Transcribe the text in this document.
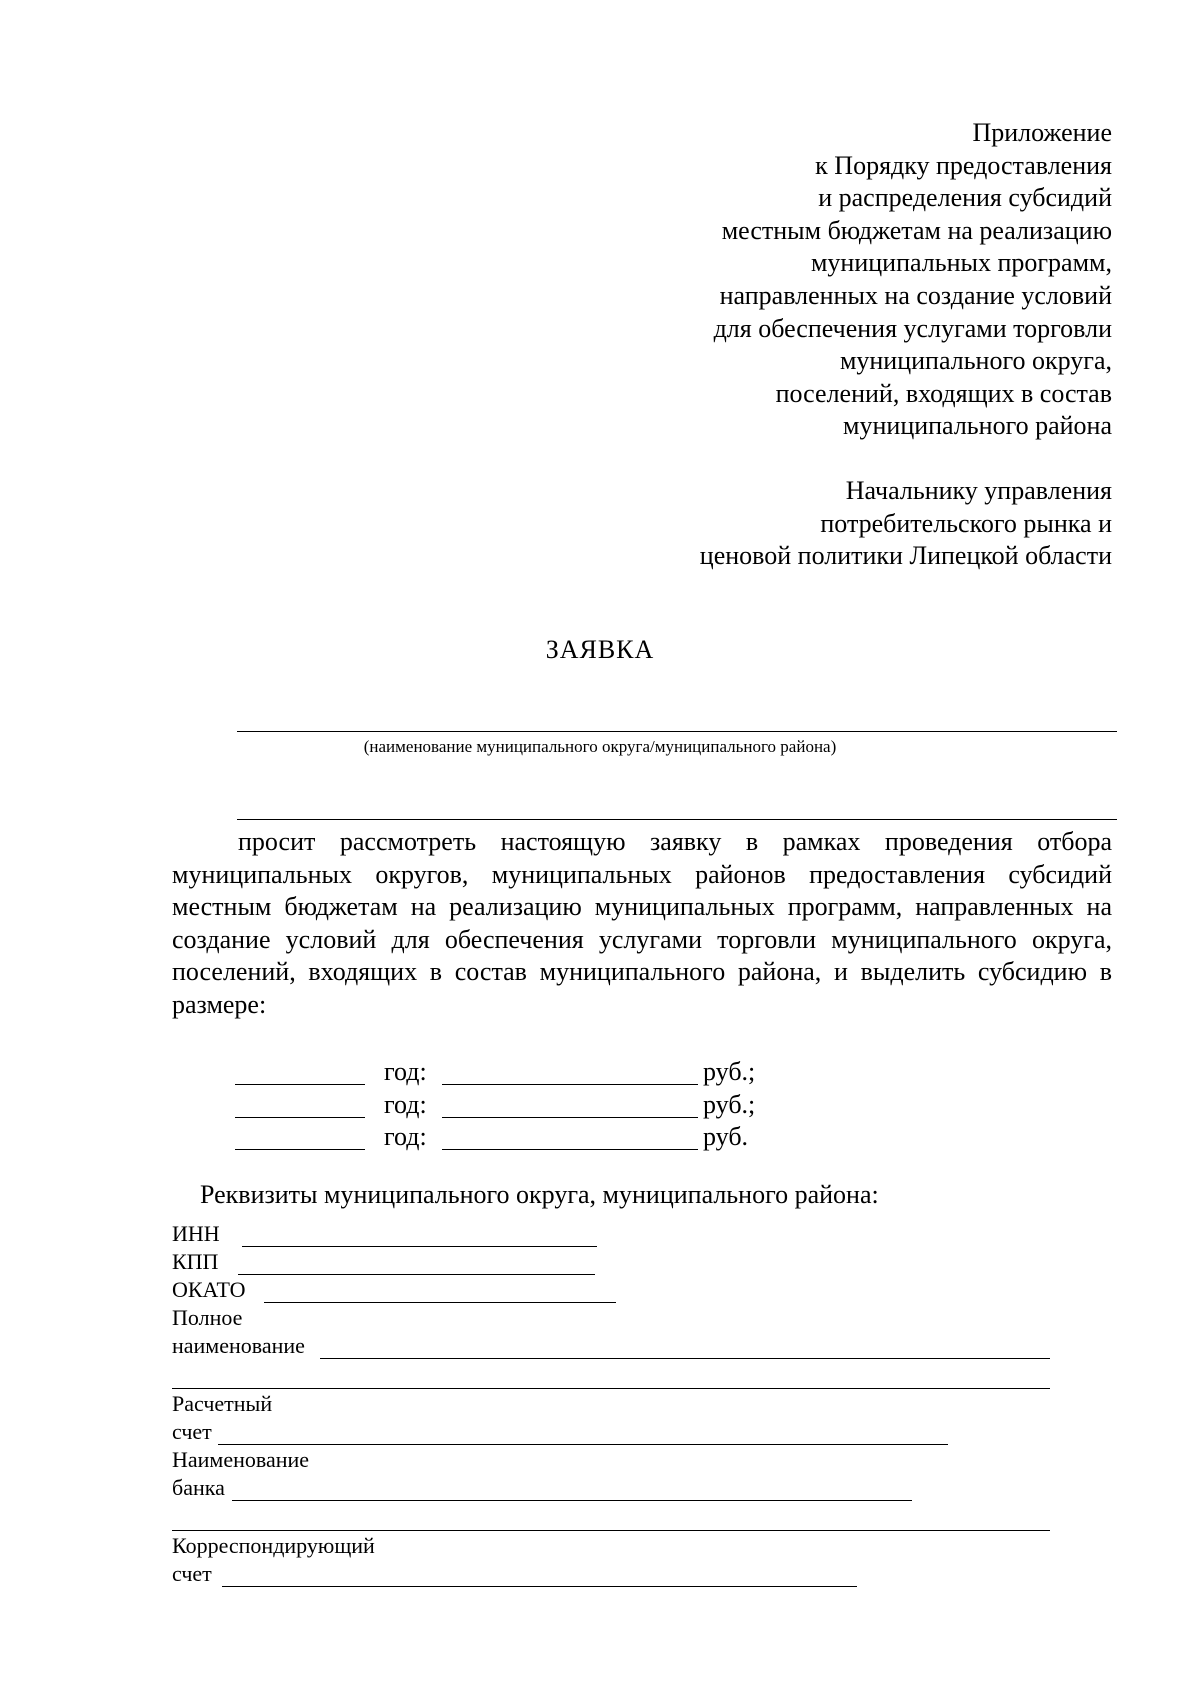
Приложение
к Порядку предоставления
и распределения субсидий
местным бюджетам на реализацию
муниципальных программ,
направленных на создание условий
для обеспечения услугами торговли
муниципального округа,
поселений, входящих в состав
муниципального района
Начальнику управления
потребительского рынка и
ценовой политики Липецкой области
ЗАЯВКА
(наименование муниципального округа/муниципального района)
просит рассмотреть настоящую заявку в рамках проведения отбора муниципальных округов, муниципальных районов предоставления субсидий местным бюджетам на реализацию муниципальных программ, направленных на создание условий для обеспечения услугами торговли муниципального округа, поселений, входящих в состав муниципального района, и выделить субсидию в размере:
год:	руб.;
год:	руб.;
год:	руб.
Реквизиты муниципального округа, муниципального района:
ИНН
КПП
ОКАТО
Полное
наименование
Расчетный
счет
Наименование
банка
Корреспондирующий
счет
